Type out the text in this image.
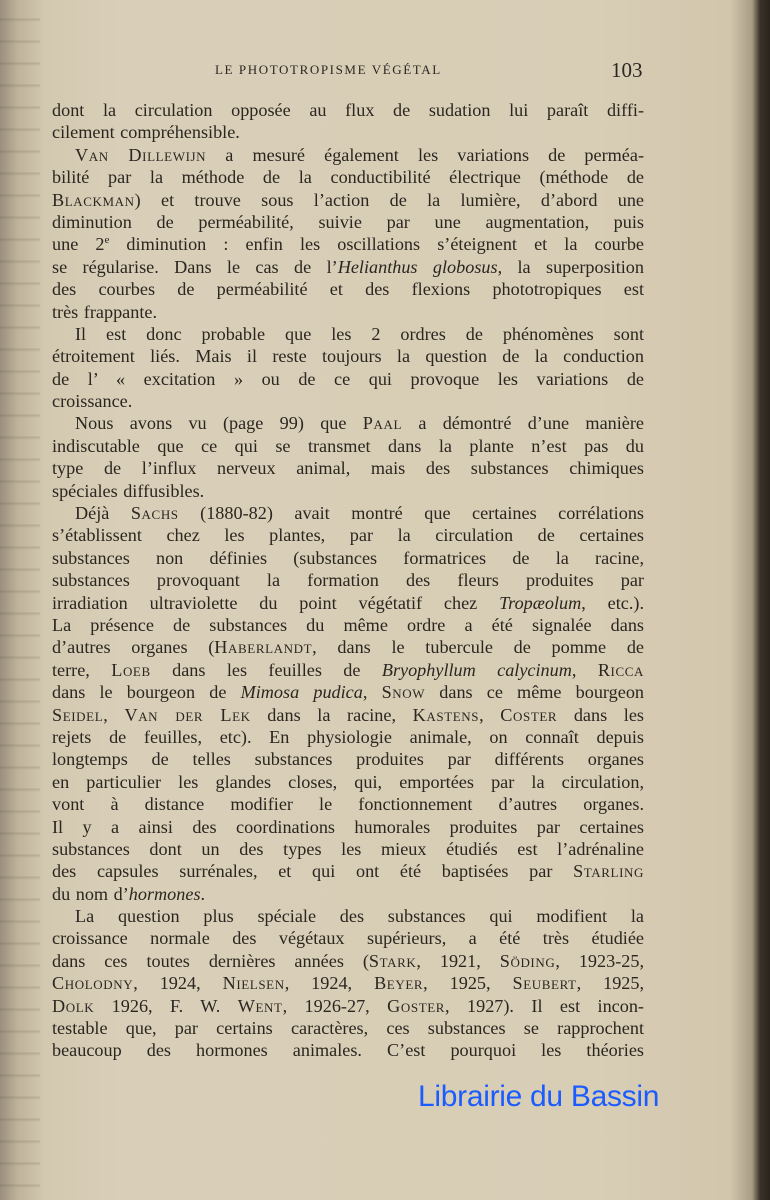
LE PHOTOTROPISME VÉGÉTAL	103
dont la circulation opposée au flux de sudation lui paraît diffi-
cilement compréhensible.
Van Dillewijn a mesuré également les variations de perméa-
bilité par la méthode de la conductibilité électrique (méthode de
Blackman) et trouve sous l’action de la lumière, d’abord une
diminution de perméabilité, suivie par une augmentation, puis
une 2e diminution : enfin les oscillations s’éteignent et la courbe
se régularise. Dans le cas de l’Helianthus globosus, la superposition
des courbes de perméabilité et des flexions phototropiques est
très frappante.
Il est donc probable que les 2 ordres de phénomènes sont
étroitement liés. Mais il reste toujours la question de la conduction
de l’ « excitation » ou de ce qui provoque les variations de
croissance.
Nous avons vu (page 99) que Paal a démontré d’une manière
indiscutable que ce qui se transmet dans la plante n’est pas du
type de l’influx nerveux animal, mais des substances chimiques
spéciales diffusibles.
Déjà Sachs (1880-82) avait montré que certaines corrélations
s’établissent chez les plantes, par la circulation de certaines
substances non définies (substances formatrices de la racine,
substances provoquant la formation des fleurs produites par
irradiation ultraviolette du point végétatif chez Tropæolum, etc.).
La présence de substances du même ordre a été signalée dans
d’autres organes (Haberlandt, dans le tubercule de pomme de
terre, Loeb dans les feuilles de Bryophyllum calycinum, Ricca
dans le bourgeon de Mimosa pudica, Snow dans ce même bourgeon
Seidel, Van der Lek dans la racine, Kastens, Coster dans les
rejets de feuilles, etc). En physiologie animale, on connaît depuis
longtemps de telles substances produites par différents organes
en particulier les glandes closes, qui, emportées par la circulation,
vont à distance modifier le fonctionnement d’autres organes.
Il y a ainsi des coordinations humorales produites par certaines
substances dont un des types les mieux étudiés est l’adrénaline
des capsules surrénales, et qui ont été baptisées par Starling
du nom d’hormones.
La question plus spéciale des substances qui modifient la
croissance normale des végétaux supérieurs, a été très étudiée
dans ces toutes dernières années (Stark, 1921, Söding, 1923-25,
Cholodny, 1924, Nielsen, 1924, Beyer, 1925, Seubert, 1925,
Dolk 1926, F. W. Went, 1926-27, Goster, 1927). Il est incon-
testable que, par certains caractères, ces substances se rapprochent
beaucoup des hormones animales. C’est pourquoi les théories
Librairie du Bassin
